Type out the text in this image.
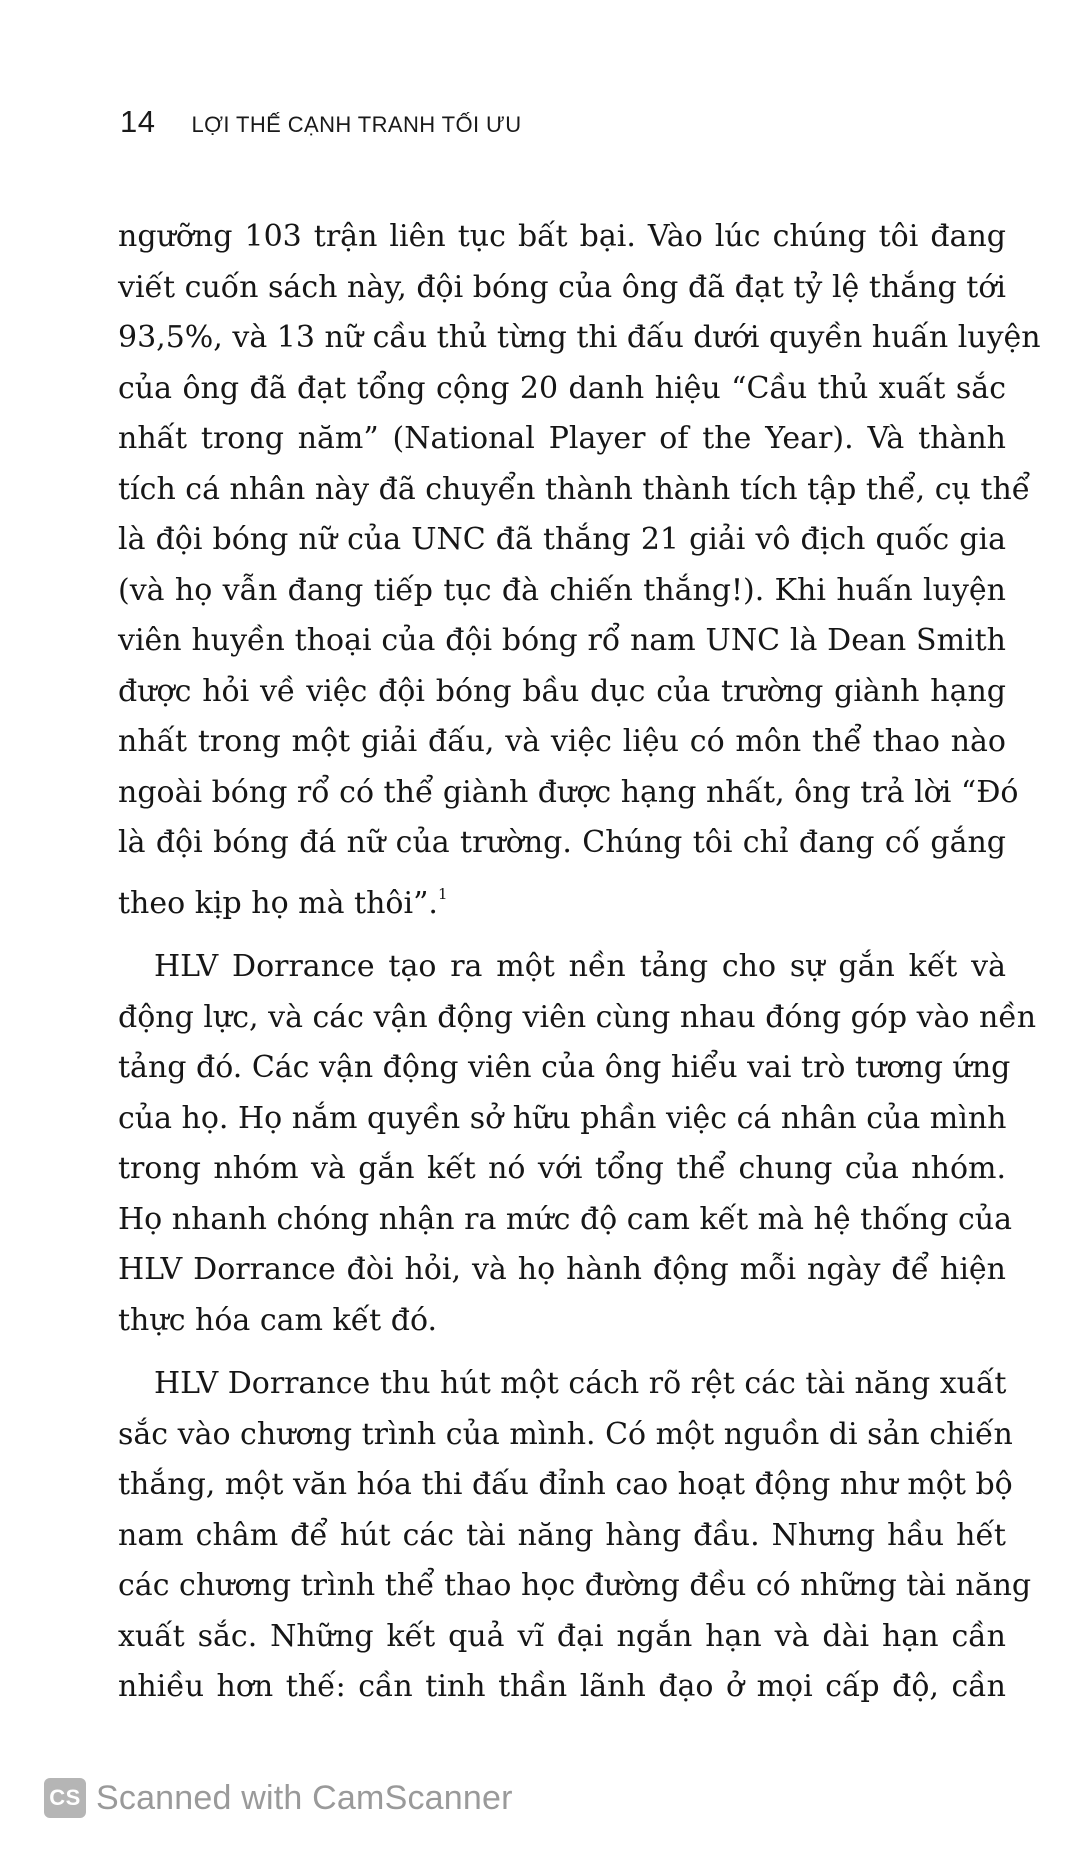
14 LỢI THẾ CẠNH TRANH TỐI ƯU
ngưỡng 103 trận liên tục bất bại. Vào lúc chúng tôi đang
viết cuốn sách này, đội bóng của ông đã đạt tỷ lệ thắng tới
93,5%, và 13 nữ cầu thủ từng thi đấu dưới quyền huấn luyện
của ông đã đạt tổng cộng 20 danh hiệu “Cầu thủ xuất sắc
nhất trong năm” (National Player of the Year). Và thành
tích cá nhân này đã chuyển thành thành tích tập thể, cụ thể
là đội bóng nữ của UNC đã thắng 21 giải vô địch quốc gia
(và họ vẫn đang tiếp tục đà chiến thắng!). Khi huấn luyện
viên huyền thoại của đội bóng rổ nam UNC là Dean Smith
được hỏi về việc đội bóng bầu dục của trường giành hạng
nhất trong một giải đấu, và việc liệu có môn thể thao nào
ngoài bóng rổ có thể giành được hạng nhất, ông trả lời “Đó
là đội bóng đá nữ của trường. Chúng tôi chỉ đang cố gắng
theo kịp họ mà thôi”.$^1$
HLV Dorrance tạo ra một nền tảng cho sự gắn kết và
động lực, và các vận động viên cùng nhau đóng góp vào nền
tảng đó. Các vận động viên của ông hiểu vai trò tương ứng
của họ. Họ nắm quyền sở hữu phần việc cá nhân của mình
trong nhóm và gắn kết nó với tổng thể chung của nhóm.
Họ nhanh chóng nhận ra mức độ cam kết mà hệ thống của
HLV Dorrance đòi hỏi, và họ hành động mỗi ngày để hiện
thực hóa cam kết đó.
HLV Dorrance thu hút một cách rõ rệt các tài năng xuất
sắc vào chương trình của mình. Có một nguồn di sản chiến
thắng, một văn hóa thi đấu đỉnh cao hoạt động như một bộ
nam châm để hút các tài năng hàng đầu. Nhưng hầu hết
các chương trình thể thao học đường đều có những tài năng
xuất sắc. Những kết quả vĩ đại ngắn hạn và dài hạn cần
nhiều hơn thế: cần tinh thần lãnh đạo ở mọi cấp độ, cần
CS Scanned with CamScanner
